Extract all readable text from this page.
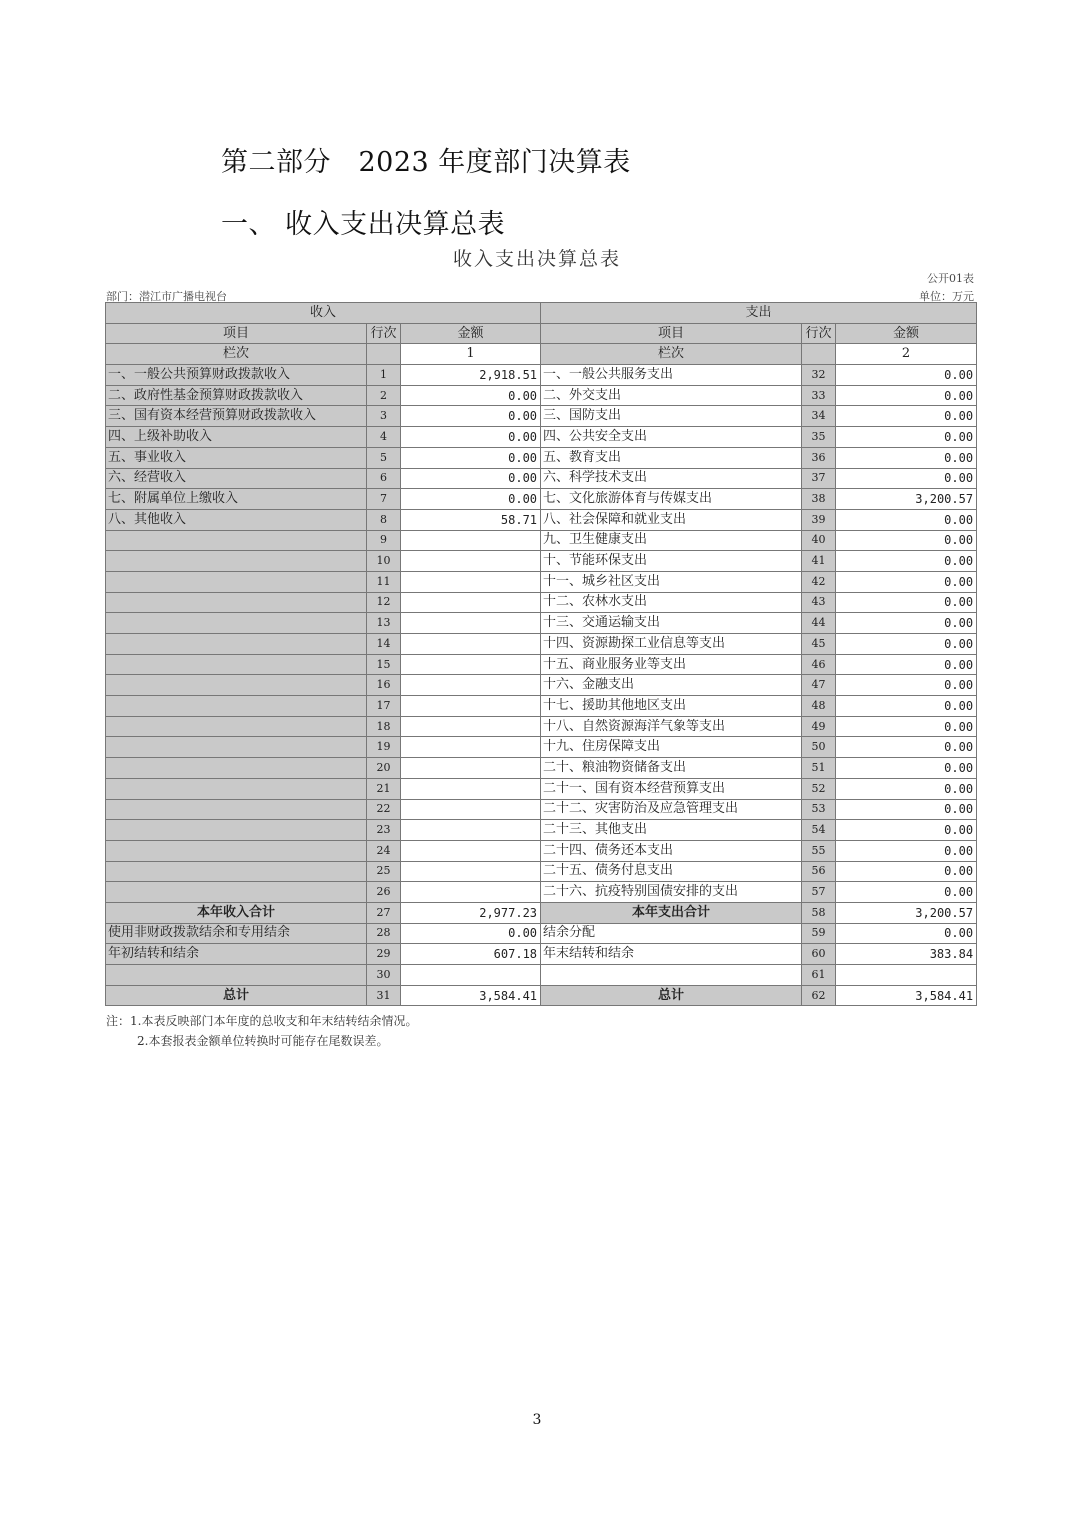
第二部分　2023 年度部门决算表
一、 收入支出决算总表
收入支出决算总表
公开01表
部门：潜江市广播电视台	单位：万元
收入			支出		
项目	行次	金额	项目	行次	金额
栏次		1	栏次		2
一、一般公共预算财政拨款收入	1	2,918.51	一、一般公共服务支出	32	0.00
二、政府性基金预算财政拨款收入	2	0.00	二、外交支出	33	0.00
三、国有资本经营预算财政拨款收入	3	0.00	三、国防支出	34	0.00
四、上级补助收入	4	0.00	四、公共安全支出	35	0.00
五、事业收入	5	0.00	五、教育支出	36	0.00
六、经营收入	6	0.00	六、科学技术支出	37	0.00
七、附属单位上缴收入	7	0.00	七、文化旅游体育与传媒支出	38	3,200.57
八、其他收入	8	58.71	八、社会保障和就业支出	39	0.00
	9		九、卫生健康支出	40	0.00
	10		十、节能环保支出	41	0.00
	11		十一、城乡社区支出	42	0.00
	12		十二、农林水支出	43	0.00
	13		十三、交通运输支出	44	0.00
	14		十四、资源勘探工业信息等支出	45	0.00
	15		十五、商业服务业等支出	46	0.00
	16		十六、金融支出	47	0.00
	17		十七、援助其他地区支出	48	0.00
	18		十八、自然资源海洋气象等支出	49	0.00
	19		十九、住房保障支出	50	0.00
	20		二十、粮油物资储备支出	51	0.00
	21		二十一、国有资本经营预算支出	52	0.00
	22		二十二、灾害防治及应急管理支出	53	0.00
	23		二十三、其他支出	54	0.00
	24		二十四、债务还本支出	55	0.00
	25		二十五、债务付息支出	56	0.00
	26		二十六、抗疫特别国债安排的支出	57	0.00
本年收入合计	27	2,977.23	本年支出合计	58	3,200.57
使用非财政拨款结余和专用结余	28	0.00	结余分配	59	0.00
年初结转和结余	29	607.18	年末结转和结余	60	383.84
	30			61	
总计	31	3,584.41	总计	62	3,584.41
注：1.本表反映部门本年度的总收支和年末结转结余情况。
2.本套报表金额单位转换时可能存在尾数误差。
3
